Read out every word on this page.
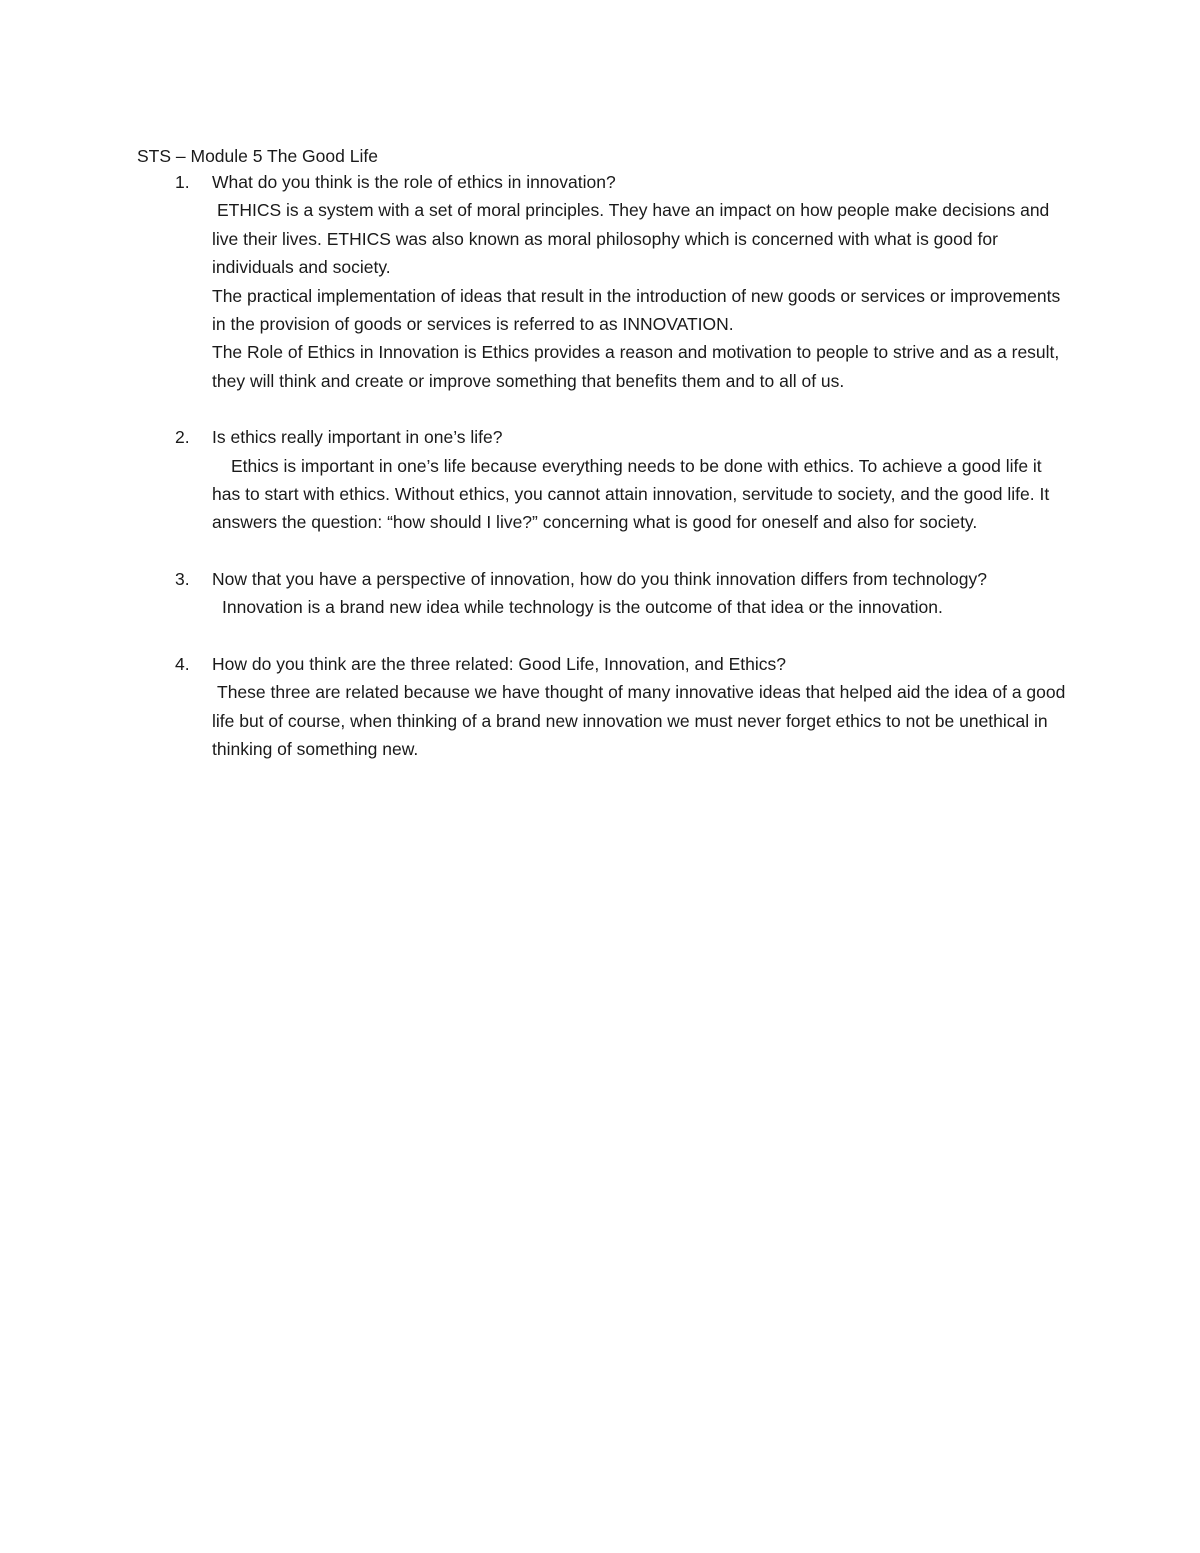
STS – Module 5 The Good Life
1. What do you think is the role of ethics in innovation?

ETHICS is a system with a set of moral principles. They have an impact on how people make decisions and live their lives. ETHICS was also known as moral philosophy which is concerned with what is good for individuals and society.

The practical implementation of ideas that result in the introduction of new goods or services or improvements in the provision of goods or services is referred to as INNOVATION.

The Role of Ethics in Innovation is Ethics provides a reason and motivation to people to strive and as a result, they will think and create or improve something that benefits them and to all of us.

2. Is ethics really important in one’s life?

Ethics is important in one’s life because everything needs to be done with ethics. To achieve a good life it has to start with ethics. Without ethics, you cannot attain innovation, servitude to society, and the good life. It answers the question: “how should I live?” concerning what is good for oneself and also for society.

3. Now that you have a perspective of innovation, how do you think innovation differs from technology?

Innovation is a brand new idea while technology is the outcome of that idea or the innovation.

4. How do you think are the three related: Good Life, Innovation, and Ethics?

These three are related because we have thought of many innovative ideas that helped aid the idea of a good life but of course, when thinking of a brand new innovation we must never forget ethics to not be unethical in thinking of something new.
